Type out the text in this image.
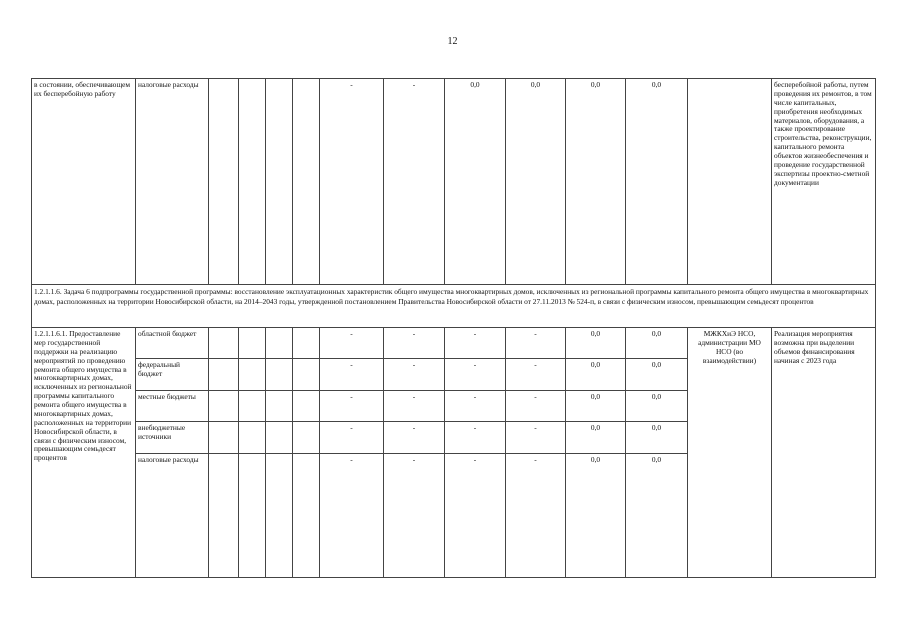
12
в состоянии, обеспечивающем их бесперебойную работу	налоговые расходы					-	-	0,0	0,0	0,0	0,0		бесперебойной работы, путем проведения их ремонтов, в том числе капитальных, приобретения необходимых материалов, оборудования, а также проектирование строительства, реконструкции, капитального ремонта объектов жизнеобеспечения и проведение государственной экспертизы проектно-сметной документации
1.2.1.1.6. Задача 6 подпрограммы государственной программы: восстановление эксплуатационных характеристик общего имущества многоквартирных домов, исключенных из региональной программы капитального ремонта общего имущества в многоквартирных домах, расположенных на территории Новосибирской области, на 2014–2043 годы, утвержденной постановлением Правительства Новосибирской области от 27.11.2013 № 524-п, в связи с физическим износом, превышающим семьдесят процентов													
1.2.1.1.6.1. Предоставление мер государственной поддержки на реализацию мероприятий по проведению ремонта общего имущества в многоквартирных домах, исключенных из региональной программы капитального ремонта общего имущества в многоквартирных домах, расположенных на территории Новосибирской области, в связи с физическим износом, превышающим семьдесят процентов	областной бюджет					-	-	-	-	0,0	0,0	МЖКХиЭ НСО, администрации МО НСО (во взаимодействии)	Реализация мероприятия возможна при выделении объемов финансирования начиная с 2023 года
	федеральный бюджет					-	-	-	-	0,0	0,0		
	местные бюджеты					-	-	-	-	0,0	0,0		
	внебюджетные источники					-	-	-	-	0,0	0,0		
	налоговые расходы					-	-	-	-	0,0	0,0		
